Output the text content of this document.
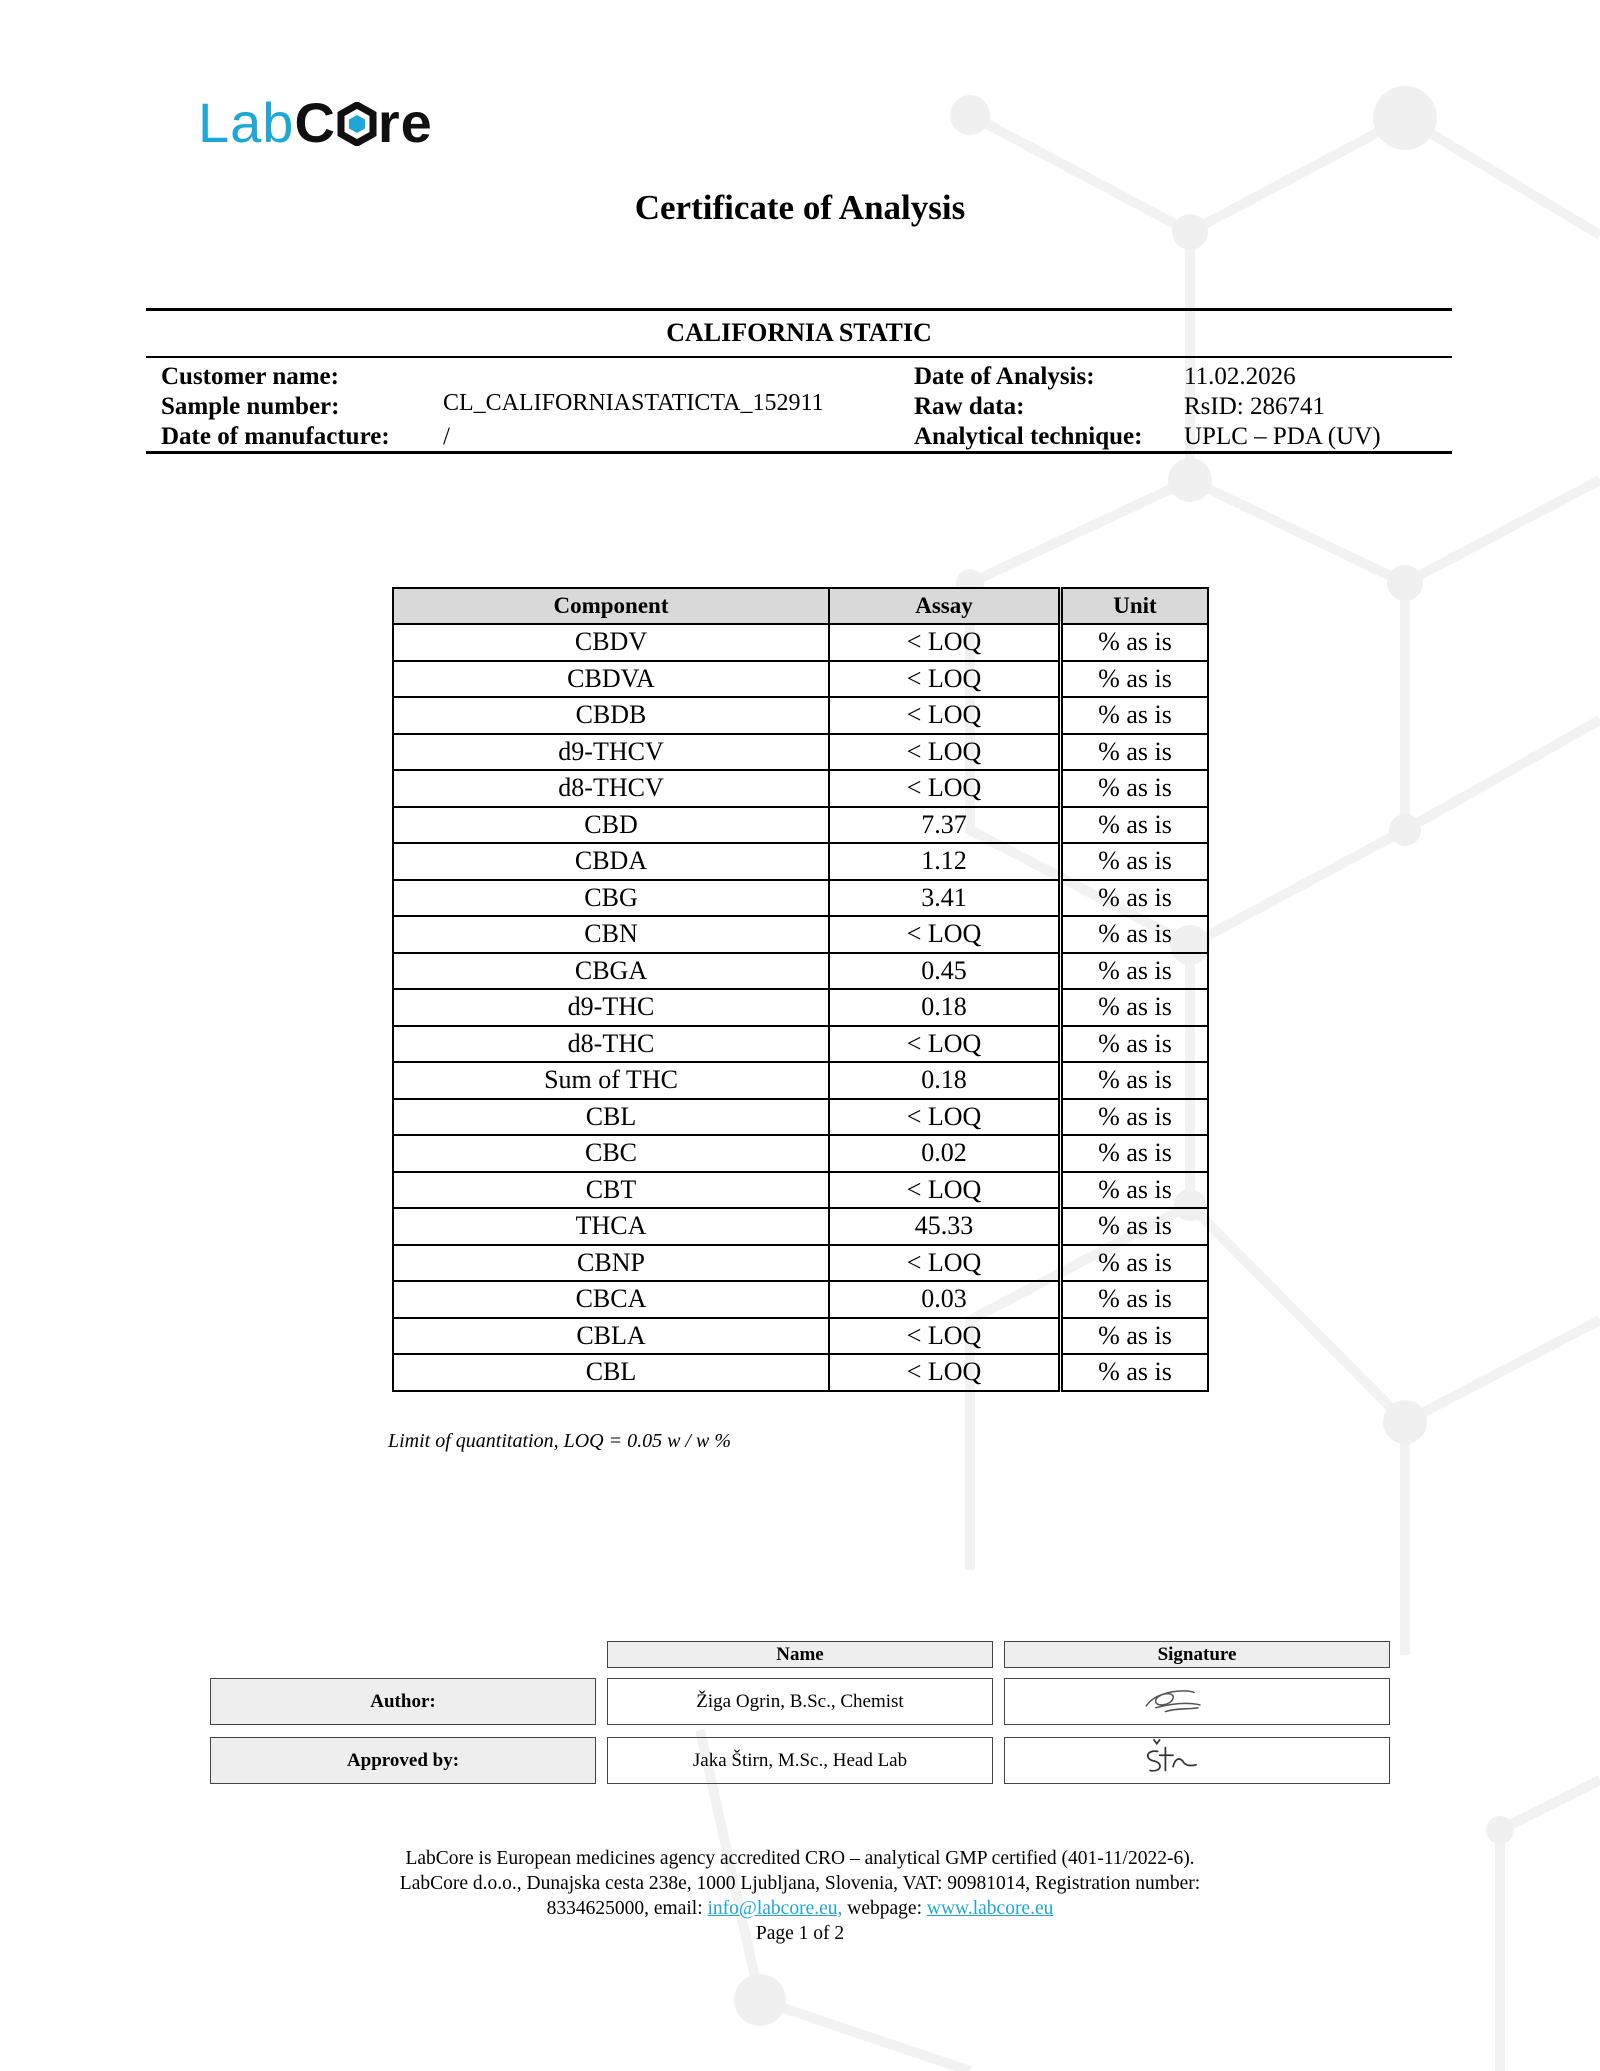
Lab C re
Certificate of Analysis
CALIFORNIA STATIC
Customer name:
Sample number:	CL_CALIFORNIASTATICTA_152911
Date of manufacture: /
Date of Analysis:	11.02.2026
Raw data:	RsID: 286741
Analytical technique: UPLC – PDA (UV)
Component	Assay	Unit
CBDV	< LOQ	% as is
CBDVA	< LOQ	% as is
CBDB	< LOQ	% as is
d9-THCV	< LOQ	% as is
d8-THCV	< LOQ	% as is
CBD	7.37	% as is
CBDA	1.12	% as is
CBG	3.41	% as is
CBN	< LOQ	% as is
CBGA	0.45	% as is
d9-THC	0.18	% as is
d8-THC	< LOQ	% as is
Sum of THC	0.18	% as is
CBL	< LOQ	% as is
CBC	0.02	% as is
CBT	< LOQ	% as is
THCA	45.33	% as is
CBNP	< LOQ	% as is
CBCA	0.03	% as is
CBLA	< LOQ	% as is
CBL	< LOQ	% as is
Limit of quantitation, LOQ = 0.05 w / w %
Name	Signature
Author:	Žiga Ogrin, B.Sc., Chemist
Approved by:	Jaka Štirn, M.Sc., Head Lab
LabCore is European medicines agency accredited CRO – analytical GMP certified (401-11/2022-6).
LabCore d.o.o., Dunajska cesta 238e, 1000 Ljubljana, Slovenia, VAT: 90981014, Registration number:
8334625000, email: info@labcore.eu, webpage: www.labcore.eu
Page 1 of 2
